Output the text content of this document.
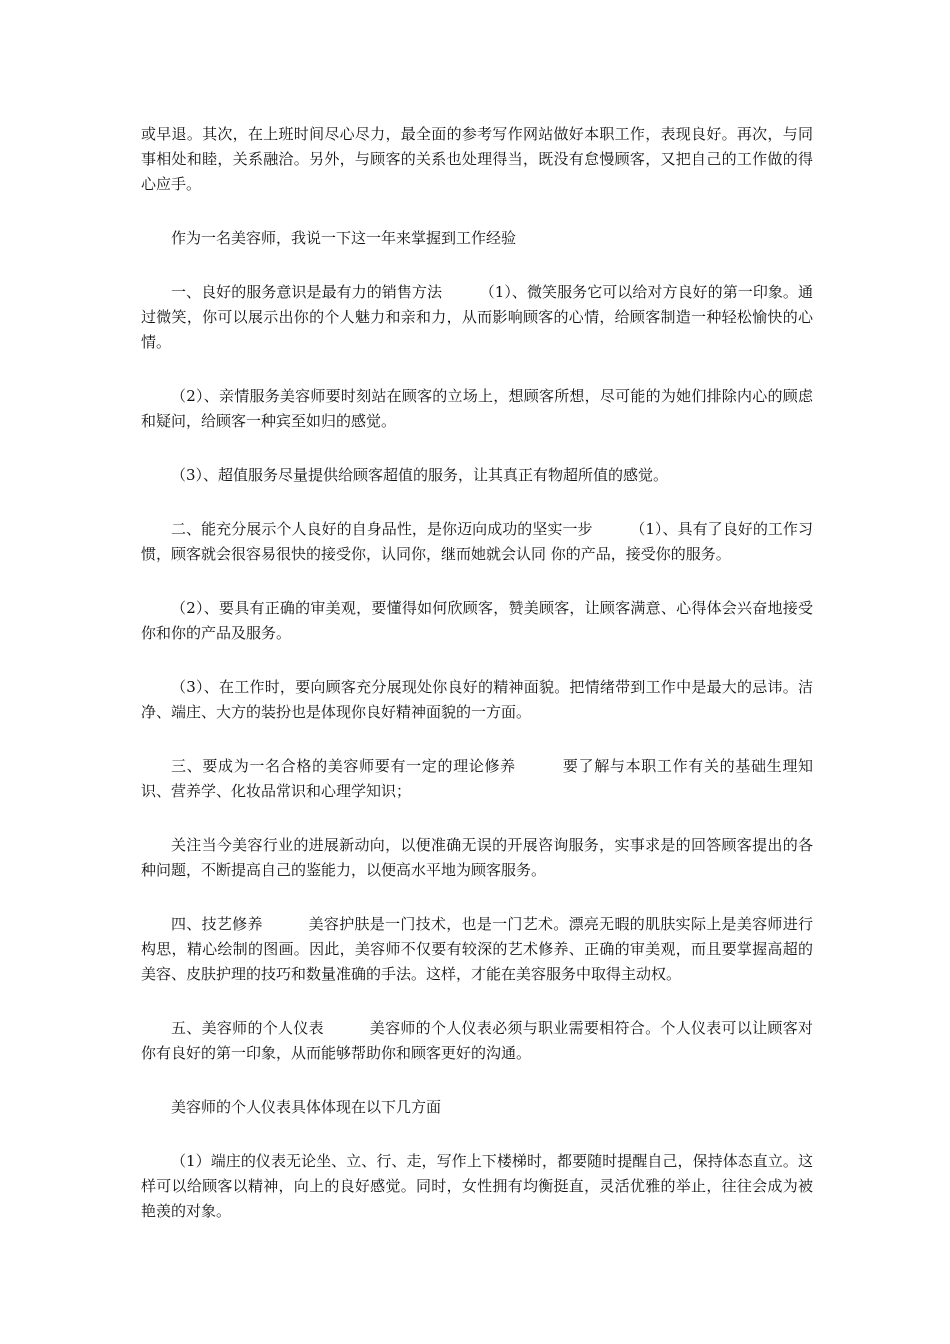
或早退。其次，在上班时间尽心尽力，最全面的参考写作网站做好本职工作，表现良好。再次，与同事相处和睦，关系融洽。另外，与顾客的关系也处理得当，既没有怠慢顾客，又把自己的工作做的得心应手。

作为一名美容师，我说一下这一年来掌握到工作经验

一、良好的服务意识是最有力的销售方法　　　（1）、微笑服务它可以给对方良好的第一印象。通过微笑，你可以展示出你的个人魅力和亲和力，从而影响顾客的心情，给顾客制造一种轻松愉快的心情。

（2）、亲情服务美容师要时刻站在顾客的立场上，想顾客所想，尽可能的为她们排除内心的顾虑和疑问，给顾客一种宾至如归的感觉。

（3）、超值服务尽量提供给顾客超值的服务，让其真正有物超所值的感觉。

二、能充分展示个人良好的自身品性，是你迈向成功的坚实一步　　　（1）、具有了良好的工作习惯，顾客就会很容易很快的接受你，认同你，继而她就会认同 你的产品，接受你的服务。

（2）、要具有正确的审美观，要懂得如何欣顾客，赞美顾客，让顾客满意、心得体会兴奋地接受你和你的产品及服务。

（3）、在工作时，要向顾客充分展现处你良好的精神面貌。把情绪带到工作中是最大的忌讳。洁净、端庄、大方的装扮也是体现你良好精神面貌的一方面。

三、要成为一名合格的美容师要有一定的理论修养　　　要了解与本职工作有关的基础生理知识、营养学、化妆品常识和心理学知识；

关注当今美容行业的进展新动向，以便准确无误的开展咨询服务，实事求是的回答顾客提出的各种问题，不断提高自己的鉴能力，以便高水平地为顾客服务。

四、技艺修养　　　美容护肤是一门技术，也是一门艺术。漂亮无暇的肌肤实际上是美容师进行构思，精心绘制的图画。因此，美容师不仅要有较深的艺术修养、正确的审美观，而且要掌握高超的美容、皮肤护理的技巧和数量准确的手法。这样，才能在美容服务中取得主动权。

五、美容师的个人仪表　　　美容师的个人仪表必须与职业需要相符合。个人仪表可以让顾客对你有良好的第一印象，从而能够帮助你和顾客更好的沟通。

美容师的个人仪表具体体现在以下几方面

（1）端庄的仪表无论坐、立、行、走，写作上下楼梯时，都要随时提醒自己，保持体态直立。这样可以给顾客以精神，向上的良好感觉。同时，女性拥有均衡挺直，灵活优雅的举止，往往会成为被艳羡的对象。
